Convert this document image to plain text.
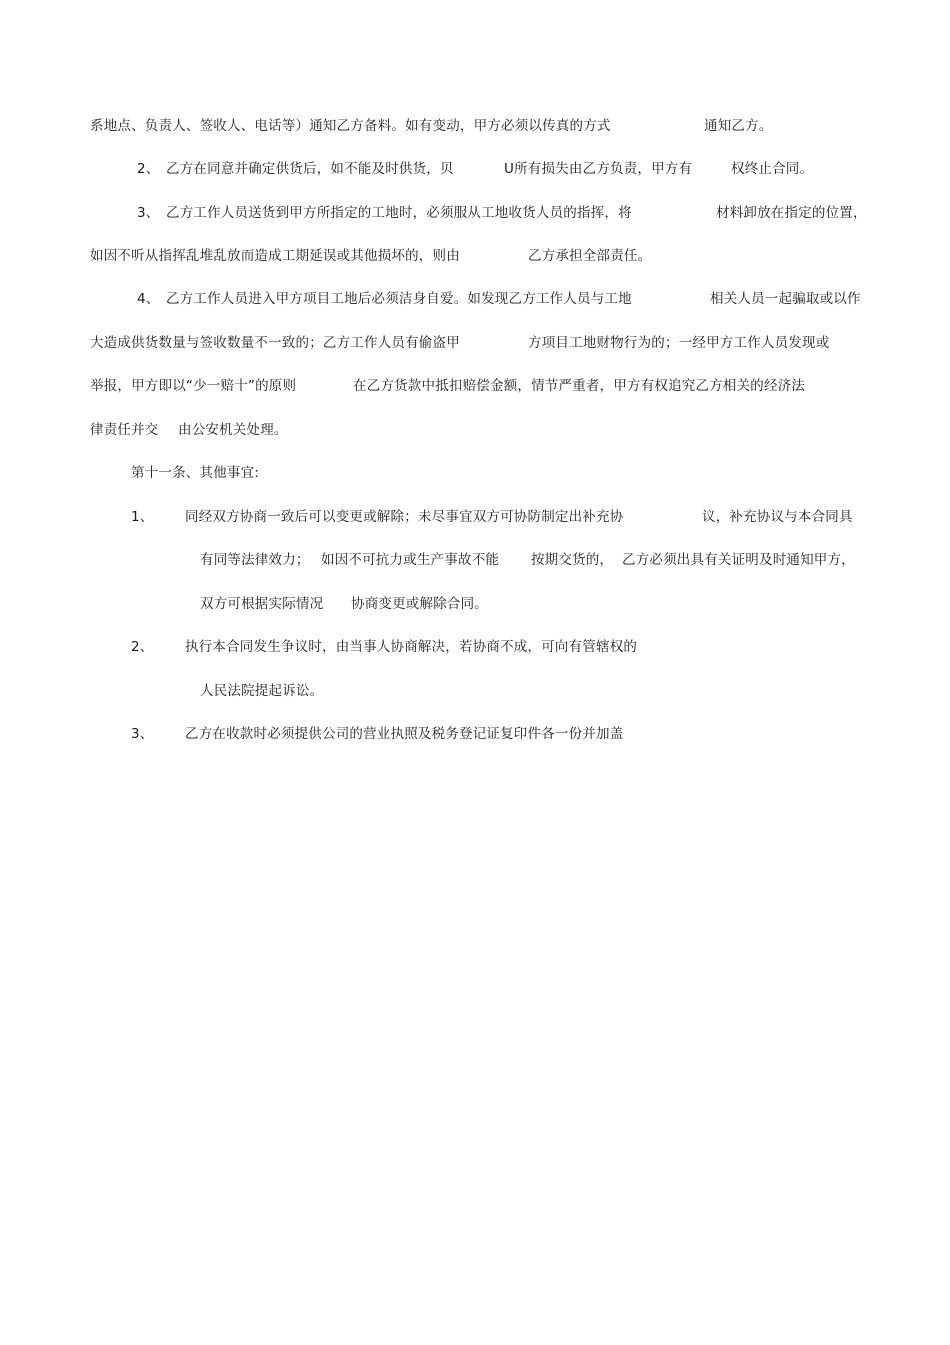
系地点、负责人、签收人、电话等）通知乙方备料。如有变动，甲方必须以传真的方式	通知乙方。
2、 乙方在同意并确定供货后，如不能及时供货，贝	U所有损失由乙方负责，甲方有	权终止合同。
3、 乙方工作人员送货到甲方所指定的工地时，必须服从工地收货人员的指挥，将	材料卸放在指定的位置，
如因不听从指挥乱堆乱放而造成工期延误或其他损坏的，则由	乙方承担全部责任。
4、 乙方工作人员进入甲方项目工地后必须洁身自爱。如发现乙方工作人员与工地	相关人员一起骗取或以作
大造成供货数量与签收数量不一致的；乙方工作人员有偷盗甲	方项目工地财物行为的；一经甲方工作人员发现或
举报，甲方即以“少一赔十”的原则	在乙方货款中抵扣赔偿金额，情节严重者，甲方有权追究乙方相关的经济法
律责任并交 由公安机关处理。
第十一条、其他事宜:
1、 同经双方协商一致后可以变更或解除；未尽事宜双方可协防制定出补充协	议，补充协议与本合同具
有同等法律效力； 如因不可抗力或生产事故不能 按期交货的， 乙方必须出具有关证明及时通知甲方，
双方可根据实际情况 协商变更或解除合同。
2、 执行本合同发生争议时，由当事人协商解决，若协商不成，可向有管辖权的
人民法院提起诉讼。
3、 乙方在收款时必须提供公司的营业执照及税务登记证复印件各一份并加盖
